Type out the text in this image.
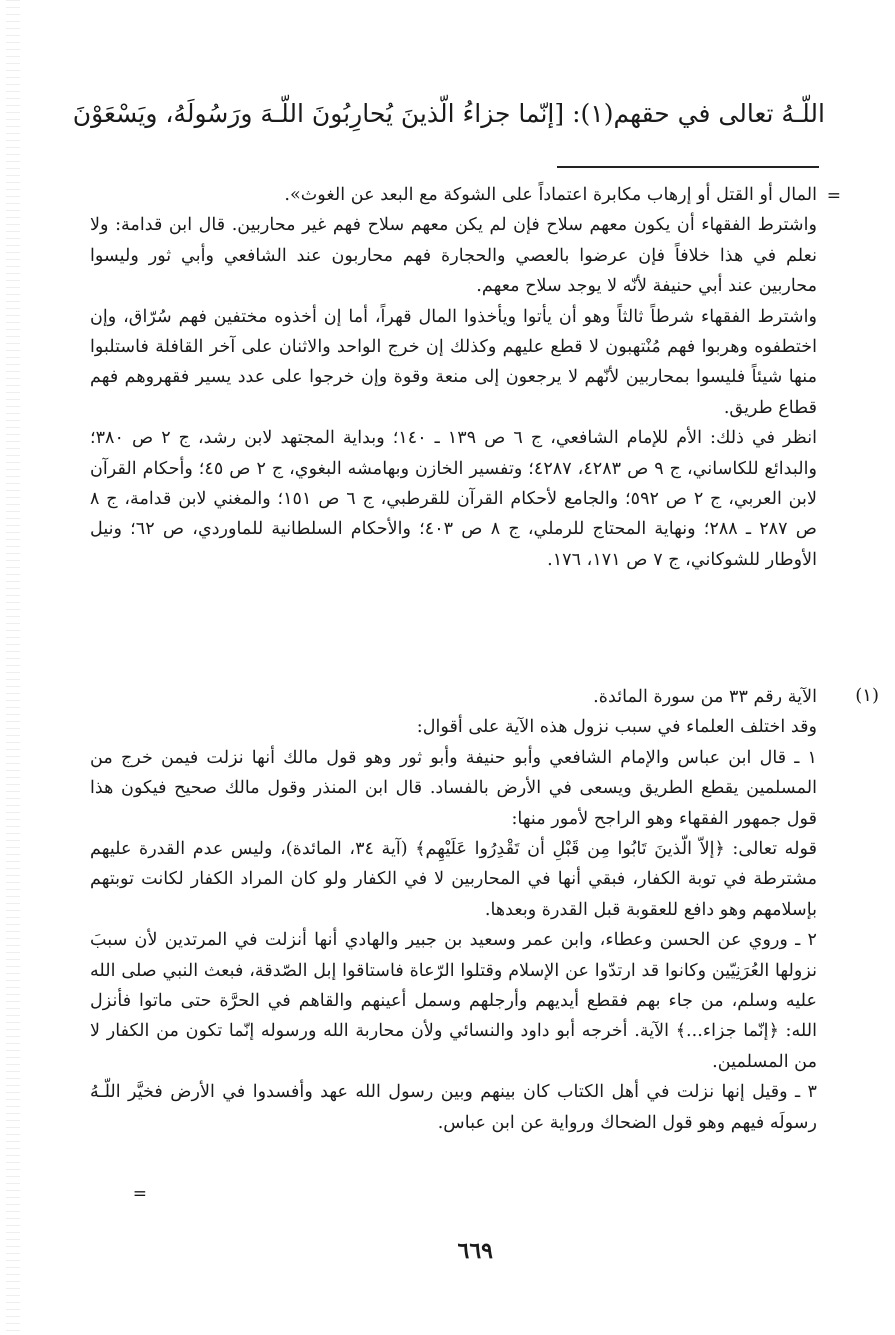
اللّـهُ تعالى في حقهم(١): [إنّما جزاءُ الّذينَ يُحارِبُونَ اللّـهَ ورَسُولَهُ، ويَسْعَوْنَ
=

المال أو القتل أو إرهاب مكابرة اعتماداً على الشوكة مع البعد عن الغوث».

واشترط الفقهاء أن يكون معهم سلاح فإن لم يكن معهم سلاح فهم غير محاربين. قال ابن قدامة: ولا نعلم في هذا خلافاً فإن عرضوا بالعصي والحجارة فهم محاربون عند الشافعي وأبي ثور وليسوا محاربين عند أبي حنيفة لأنّه لا يوجد سلاح معهم.

واشترط الفقهاء شرطاً ثالثاً وهو أن يأتوا ويأخذوا المال قهراً، أما إن أخذوه مختفين فهم سُرّاق، وإن اختطفوه وهربوا فهم مُنْتهبون لا قطع عليهم وكذلك إن خرج الواحد والاثنان على آخر القافلة فاستلبوا منها شيئاً فليسوا بمحاربين لأنّهم لا يرجعون إلى منعة وقوة وإن خرجوا على عدد يسير فقهروهم فهم قطاع طريق.

انظر في ذلك: الأم للإمام الشافعي، ج ٦ ص ١٣٩ ـ ١٤٠؛ وبداية المجتهد لابن رشد، ج ٢ ص ٣٨٠؛ والبدائع للكاساني، ج ٩ ص ٤٢٨٣، ٤٢٨٧؛ وتفسير الخازن وبهامشه البغوي، ج ٢ ص ٤٥؛ وأحكام القرآن لابن العربي، ج ٢ ص ٥٩٢؛ والجامع لأحكام القرآن للقرطبي، ج ٦ ص ١٥١؛ والمغني لابن قدامة، ج ٨ ص ٢٨٧ ـ ٢٨٨؛ ونهاية المحتاج للرملي، ج ٨ ص ٤٠٣؛ والأحكام السلطانية للماوردي، ص ٦٢؛ ونيل الأوطار للشوكاني، ج ٧ ص ١٧١، ١٧٦.

(١)

الآية رقم ٣٣ من سورة المائدة.

وقد اختلف العلماء في سبب نزول هذه الآية على أقوال:

١ ـ قال ابن عباس والإمام الشافعي وأبو حنيفة وأبو ثور وهو قول مالك أنها نزلت فيمن خرج من المسلمين يقطع الطريق ويسعى في الأرض بالفساد. قال ابن المنذر وقول مالك صحيح فيكون هذا قول جمهور الفقهاء وهو الراجح لأمور منها:

قوله تعالى: ﴿إلاّ الّذينَ تَابُوا مِن قَبْلِ أن تَقْدِرُوا عَلَيْهِم﴾ (آية ٣٤، المائدة)، وليس عدم القدرة عليهم مشترطة في توبة الكفار، فبقي أنها في المحاربين لا في الكفار ولو كان المراد الكفار لكانت توبتهم بإسلامهم وهو دافع للعقوبة قبل القدرة وبعدها.

٢ ـ وروي عن الحسن وعطاء، وابن عمر وسعيد بن جبير والهادي أنها أنزلت في المرتدين لأن سببَ نزولها العُرَنِيّين وكانوا قد ارتدّوا عن الإسلام وقتلوا الرّعاة فاستاقوا إبل الصّدقة، فبعث النبي صلى الله عليه وسلم، من جاء بهم فقطع أيديهم وأرجلهم وسمل أعينهم والقاهم في الحرَّة حتى ماتوا فأنزل الله: ﴿إنّما جزاء...﴾ الآية. أخرجه أبو داود والنسائي ولأن محاربة الله ورسوله إنّما تكون من الكفار لا من المسلمين.

٣ ـ وقيل إنها نزلت في أهل الكتاب كان بينهم وبين رسول الله عهد وأفسدوا في الأرض فخيَّر اللّـهُ رسولَه فيهم وهو قول الضحاك ورواية عن ابن عباس.

=
٦٦٩
